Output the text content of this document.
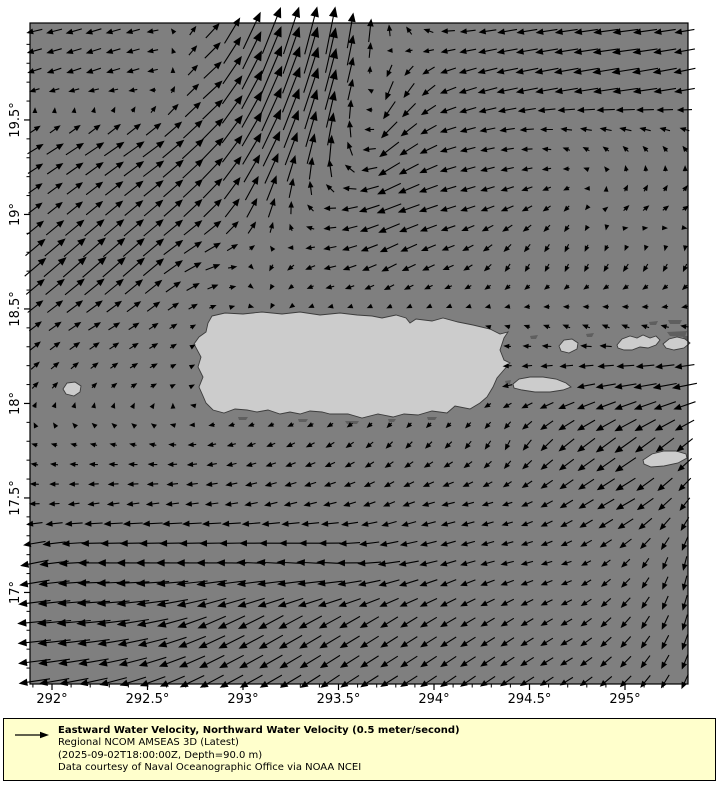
292°	292.5°	293°	293.5°	294°	294.5°	295°
19.5°
19°
18.5°
18°
17.5°
17°
Eastward Water Velocity, Northward Water Velocity (0.5 meter/second)
Regional NCOM AMSEAS 3D (Latest)
(2025-09-02T18:00:00Z, Depth=90.0 m)
Data courtesy of Naval Oceanographic Office via NOAA NCEI
